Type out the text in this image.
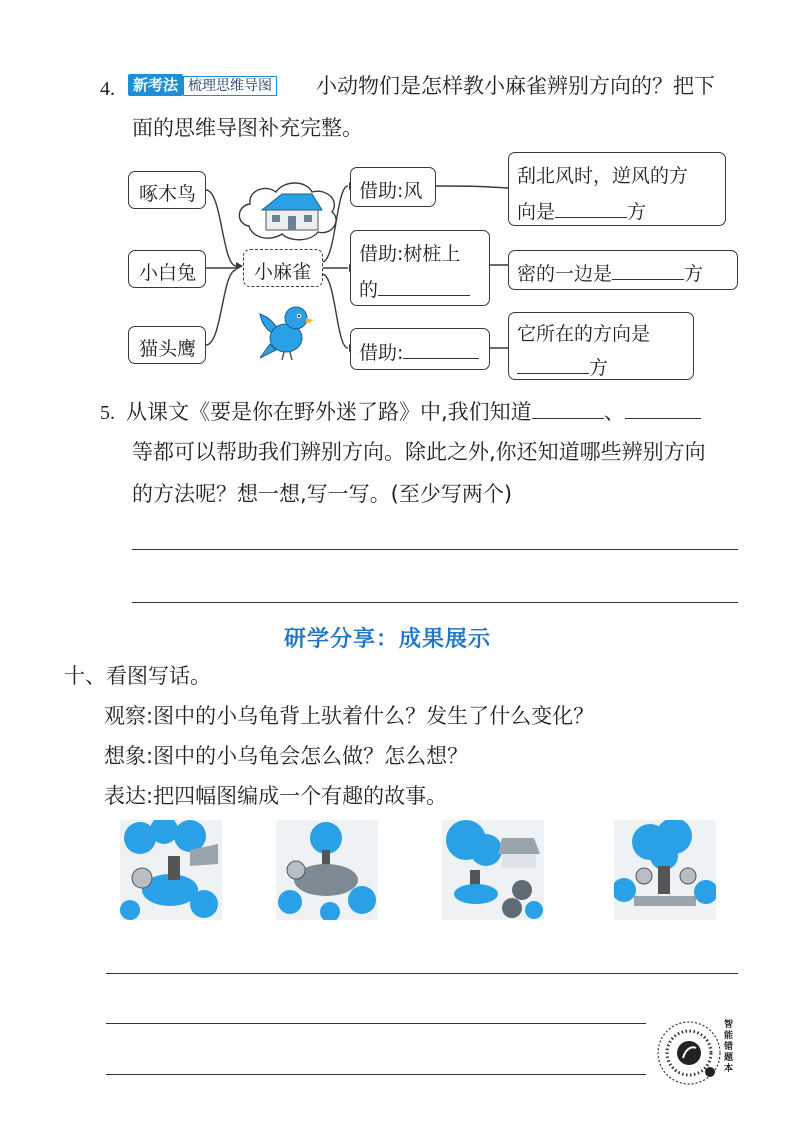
4.	新考法 梳理思维导图 小动物们是怎样教小麻雀辨别方向的？把下
面的思维导图补充完整。
啄木鸟
小白兔
猫头鹰
小麻雀
借助:风
借助:树桩上
的
借助:
刮北风时，逆风的方
向是	方
密的一边是	方
它所在的方向是
方
5. 从课文《要是你在野外迷了路》中,我们知道	、
等都可以帮助我们辨别方向。除此之外,你还知道哪些辨别方向
的方法呢？想一想,写一写。(至少写两个)
研学分享：成果展示
十、看图写话。
观察:图中的小乌龟背上驮着什么？发生了什么变化？
想象:图中的小乌龟会怎么做？怎么想？
表达:把四幅图编成一个有趣的故事。
智能错题本
